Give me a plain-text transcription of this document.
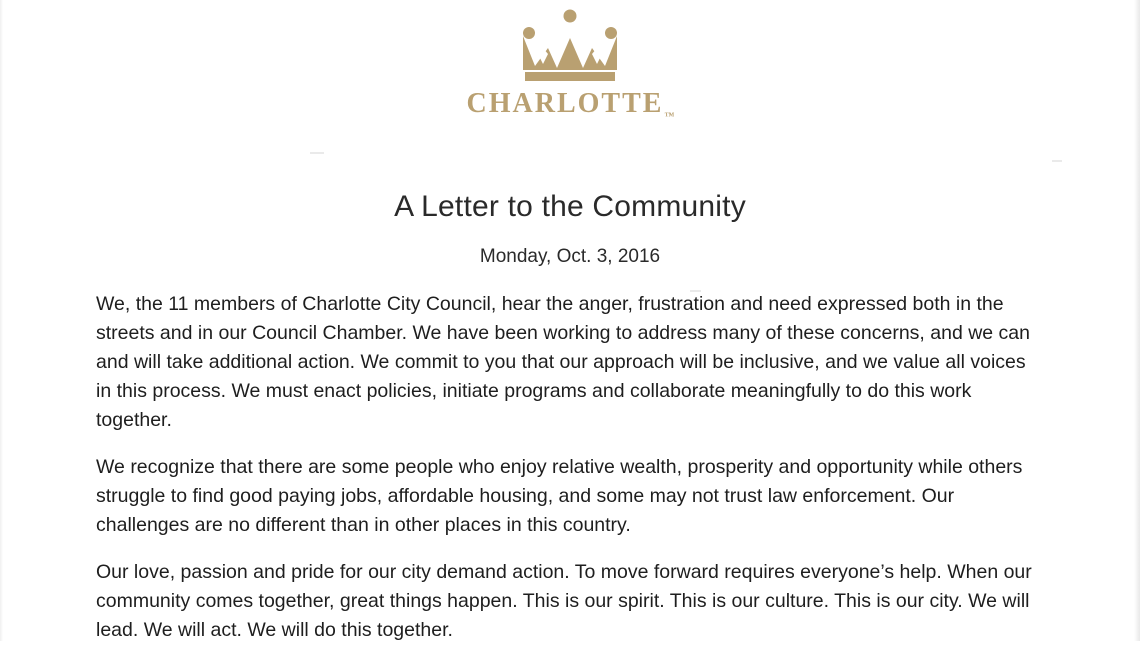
CHARLOTTE™
A Letter to the Community
Monday, Oct. 3, 2016

We, the 11 members of Charlotte City Council, hear the anger, frustration and need expressed both in the streets and in our Council Chamber. We have been working to address many of these concerns, and we can and will take additional action. We commit to you that our approach will be inclusive, and we value all voices in this process. We must enact policies, initiate programs and collaborate meaningfully to do this work together.

We recognize that there are some people who enjoy relative wealth, prosperity and opportunity while others struggle to find good paying jobs, affordable housing, and some may not trust law enforcement. Our challenges are no different than in other places in this country.

Our love, passion and pride for our city demand action. To move forward requires everyone’s help. When our community comes together, great things happen. This is our spirit. This is our culture. This is our city. We will lead. We will act. We will do this together.
